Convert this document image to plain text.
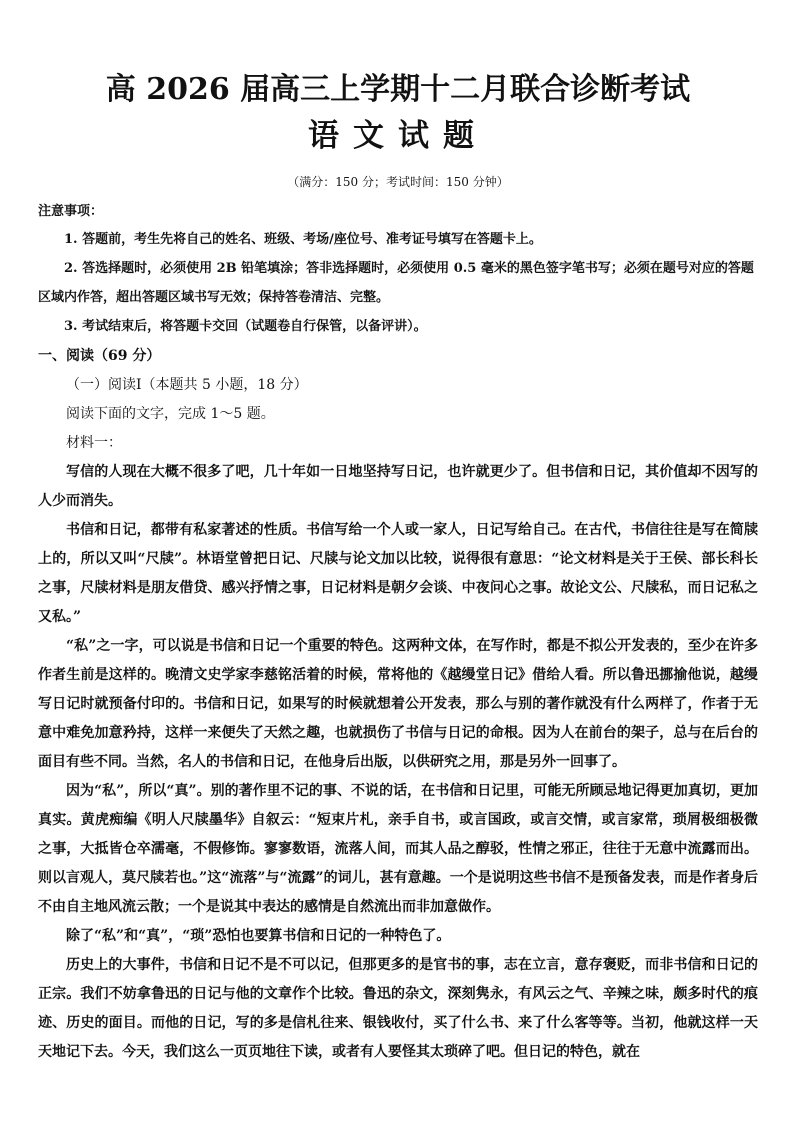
高 2026 届高三上学期十二月联合诊断考试
语文试题

（满分：150 分；考试时间：150 分钟）

注意事项：

1. 答题前，考生先将自己的姓名、班级、考场/座位号、准考证号填写在答题卡上。

2. 答选择题时，必须使用 2B 铅笔填涂；答非选择题时，必须使用 0.5 毫米的黑色签字笔书写；必须在题号对应的答题区域内作答，超出答题区域书写无效；保持答卷清洁、完整。

3. 考试结束后，将答题卡交回（试题卷自行保管，以备评讲）。

一、阅读（69 分）

（一）阅读Ⅰ（本题共 5 小题，18 分）

阅读下面的文字，完成 1～5 题。

材料一：

写信的人现在大概不很多了吧，几十年如一日地坚持写日记，也许就更少了。但书信和日记，其价值却不因写的人少而消失。

书信和日记，都带有私家著述的性质。书信写给一个人或一家人，日记写给自己。在古代，书信往往是写在简牍上的，所以又叫“尺牍”。林语堂曾把日记、尺牍与论文加以比较，说得很有意思：“论文材料是关于王侯、部长科长之事，尺牍材料是朋友借贷、感兴抒情之事，日记材料是朝夕会谈、中夜问心之事。故论文公、尺牍私，而日记私之又私。”

“私”之一字，可以说是书信和日记一个重要的特色。这两种文体，在写作时，都是不拟公开发表的，至少在许多作者生前是这样的。晚清文史学家李慈铭活着的时候，常将他的《越缦堂日记》借给人看。所以鲁迅挪揄他说，越缦写日记时就预备付印的。书信和日记，如果写的时候就想着公开发表，那么与别的著作就没有什么两样了，作者于无意中难免加意矜持，这样一来便失了天然之趣，也就损伤了书信与日记的命根。因为人在前台的架子，总与在后台的面目有些不同。当然，名人的书信和日记，在他身后出版，以供研究之用，那是另外一回事了。

因为“私”，所以“真”。别的著作里不记的事、不说的话，在书信和日记里，可能无所顾忌地记得更加真切，更加真实。黄虎痴编《明人尺牍墨华》自叙云：“短束片札，亲手自书，或言国政，或言交情，或言家常，琐屑极细极微之事，大抵皆仓卒濡毫，不假修饰。寥寥数语，流落人间，而其人品之醇驳，性情之邪正，往往于无意中流露而出。则以言观人，莫尺牍若也。”这“流落”与“流露”的词儿，甚有意趣。一个是说明这些书信不是预备发表，而是作者身后不由自主地风流云散；一个是说其中表达的感情是自然流出而非加意做作。

除了“私”和“真”，“琐”恐怕也要算书信和日记的一种特色了。

历史上的大事件，书信和日记不是不可以记，但那更多的是官书的事，志在立言，意存褒贬，而非书信和日记的正宗。我们不妨拿鲁迅的日记与他的文章作个比较。鲁迅的杂文，深刻隽永，有风云之气、辛辣之味，颇多时代的痕迹、历史的面目。而他的日记，写的多是信札往来、银钱收付，买了什么书、来了什么客等等。当初，他就这样一天天地记下去。今天，我们这么一页页地往下读，或者有人要怪其太琐碎了吧。但日记的特色，就在
